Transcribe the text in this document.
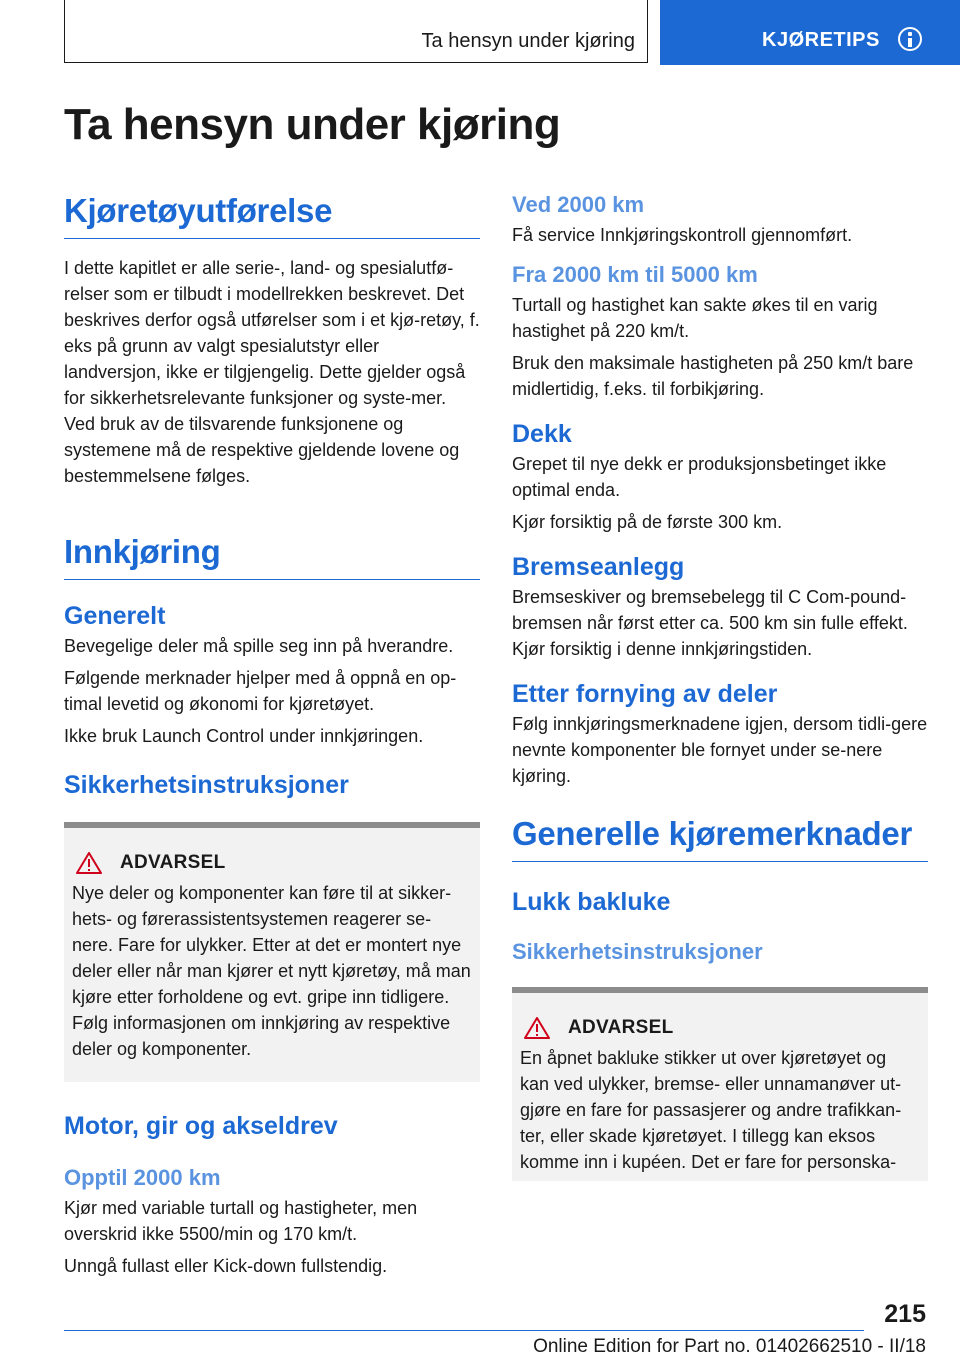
Ta hensyn under kjøring	KJØRETIPS
Ta hensyn under kjøring
Kjøretøyutførelse

I dette kapitlet er alle serie-, land- og spesialutfø-relser som er tilbudt i modellrekken beskrevet. Det beskrives derfor også utførelser som i et kjø-retøy, f. eks på grunn av valgt spesialutstyr eller landversjon, ikke er tilgjengelig. Dette gjelder også for sikkerhetsrelevante funksjoner og syste-mer. Ved bruk av de tilsvarende funksjonene og systemene må de respektive gjeldende lovene og bestemmelsene følges.

Innkjøring
Generelt

Bevegelige deler må spille seg inn på hverandre.

Følgende merknader hjelper med å oppnå en op-timal levetid og økonomi for kjøretøyet.

Ikke bruk Launch Control under innkjøringen.

Sikkerhetsinstruksjoner
ADVARSEL

Nye deler og komponenter kan føre til at sikker-hets- og førerassistentsystemen reagerer se-nere. Fare for ulykker. Etter at det er montert nye deler eller når man kjører et nytt kjøretøy, må man kjøre etter forholdene og evt. gripe inn tidligere. Følg informasjonen om innkjøring av respektive deler og komponenter.

Motor, gir og akseldrev
Opptil 2000 km

Kjør med variable turtall og hastigheter, men overskrid ikke 5500/min og 170 km/t.

Unngå fullast eller Kick-down fullstendig.

Ved 2000 km

Få service Innkjøringskontroll gjennomført.

Fra 2000 km til 5000 km

Turtall og hastighet kan sakte økes til en varig hastighet på 220 km/t.

Bruk den maksimale hastigheten på 250 km/t bare midlertidig, f.eks. til forbikjøring.

Dekk

Grepet til nye dekk er produksjonsbetinget ikke optimal enda.

Kjør forsiktig på de første 300 km.

Bremseanlegg

Bremseskiver og bremsebelegg til C Com-pound-bremsen når først etter ca. 500 km sin fulle effekt. Kjør forsiktig i denne innkjøringstiden.

Etter fornying av deler

Følg innkjøringsmerknadene igjen, dersom tidli-gere nevnte komponenter ble fornyet under se-nere kjøring.

Generelle kjøremerknader
Lukk bakluke
Sikkerhetsinstruksjoner
ADVARSEL

En åpnet bakluke stikker ut over kjøretøyet og kan ved ulykker, bremse- eller unnamanøver ut-gjøre en fare for passasjerer og andre trafikkan-ter, eller skade kjøretøyet. I tillegg kan eksos komme inn i kupéen. Det er fare for personska-

215
Online Edition for Part no. 01402662510 - II/18
